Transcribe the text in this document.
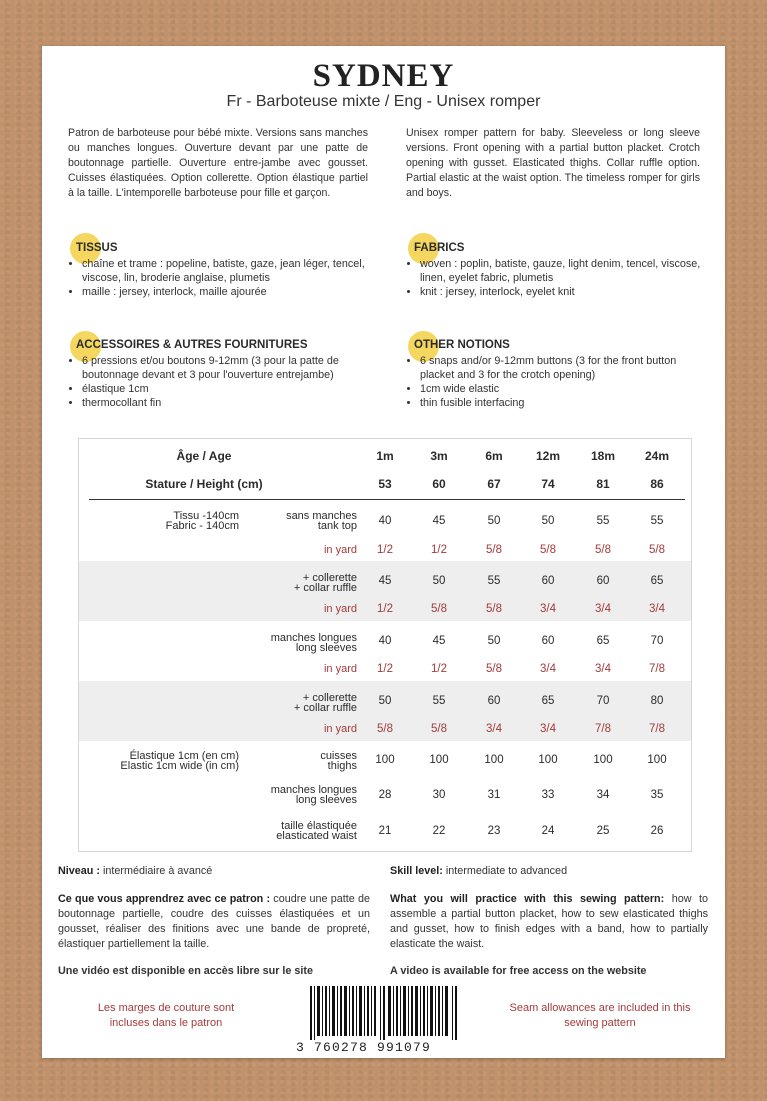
SYDNEY
Fr - Barboteuse mixte / Eng - Unisex romper
Patron de barboteuse pour bébé mixte. Versions sans manches ou manches longues. Ouverture devant par une patte de boutonnage partielle. Ouverture entre-jambe avec gousset. Cuisses élastiquées. Option collerette. Option élastique partiel à la taille. L'intemporelle barboteuse pour fille et garçon.
Unisex romper pattern for baby. Sleeveless or long sleeve versions. Front opening with a partial button placket. Crotch opening with gusset. Elasticated thighs. Collar ruffle option. Partial elastic at the waist option. The timeless romper for girls and boys.
TISSUS
• chaîne et trame : popeline, batiste, gaze, jean léger, tencel, viscose, lin, broderie anglaise, plumetis
• maille : jersey, interlock, maille ajourée
FABRICS
• woven : poplin, batiste, gauze, light denim, tencel, viscose, linen, eyelet fabric, plumetis
• knit : jersey, interlock, eyelet knit
ACCESSOIRES & AUTRES FOURNITURES
• 6 pressions et/ou boutons 9-12mm (3 pour la patte de boutonnage devant et 3 pour l'ouverture entrejambe)
• élastique 1cm
• thermocollant fin
OTHER NOTIONS
• 6 snaps and/or 9-12mm buttons (3 for the front button placket and 3 for the crotch opening)
• 1cm wide elastic
• thin fusible interfacing
Âge / Age	1m	3m	6m	12m	18m	24m
Stature / Height (cm)	53	60	67	74	81	86
Tissu -140cm
Fabric - 140cm
sans manches
tank top	40	45	50	50	55	55
in yard	1/2	1/2	5/8	5/8	5/8	5/8
+ collerette
+ collar ruffle
45	50	55	60	60	65
in yard	1/2	5/8	5/8	3/4	3/4	3/4
manches longues
long sleeves
40	45	50	60	65	70
in yard	1/2	1/2	5/8	3/4	3/4	7/8
+ collerette
+ collar ruffle
50	55	60	65	70	80
in yard	5/8	5/8	3/4	3/4	7/8	7/8
Élastique 1cm (en cm)
Elastic 1cm wide (in cm)
cuisses
thighs	100	100	100	100	100	100
manches longues
long sleeves	28	30	31	33	34	35
taille élastiquée
elasticated waist	21	22	23	24	25	26
Niveau : intermédiaire à avancé	Skill level: intermediate to advanced
Ce que vous apprendrez avec ce patron : coudre une patte de boutonnage partielle, coudre des cuisses élastiquées et un gousset, réaliser des finitions avec une bande de propreté, élastiquer partiellement la taille.
What you will practice with this sewing pattern: how to assemble a partial button placket, how to sew elasticated thighs and gusset, how to finish edges with a band, how to partially elasticate the waist.
Une vidéo est disponible en accès libre sur le site	A video is available for free access on the website
Les marges de couture sont incluses dans le patron
Seam allowances are included in this sewing pattern
3 760278 991079
